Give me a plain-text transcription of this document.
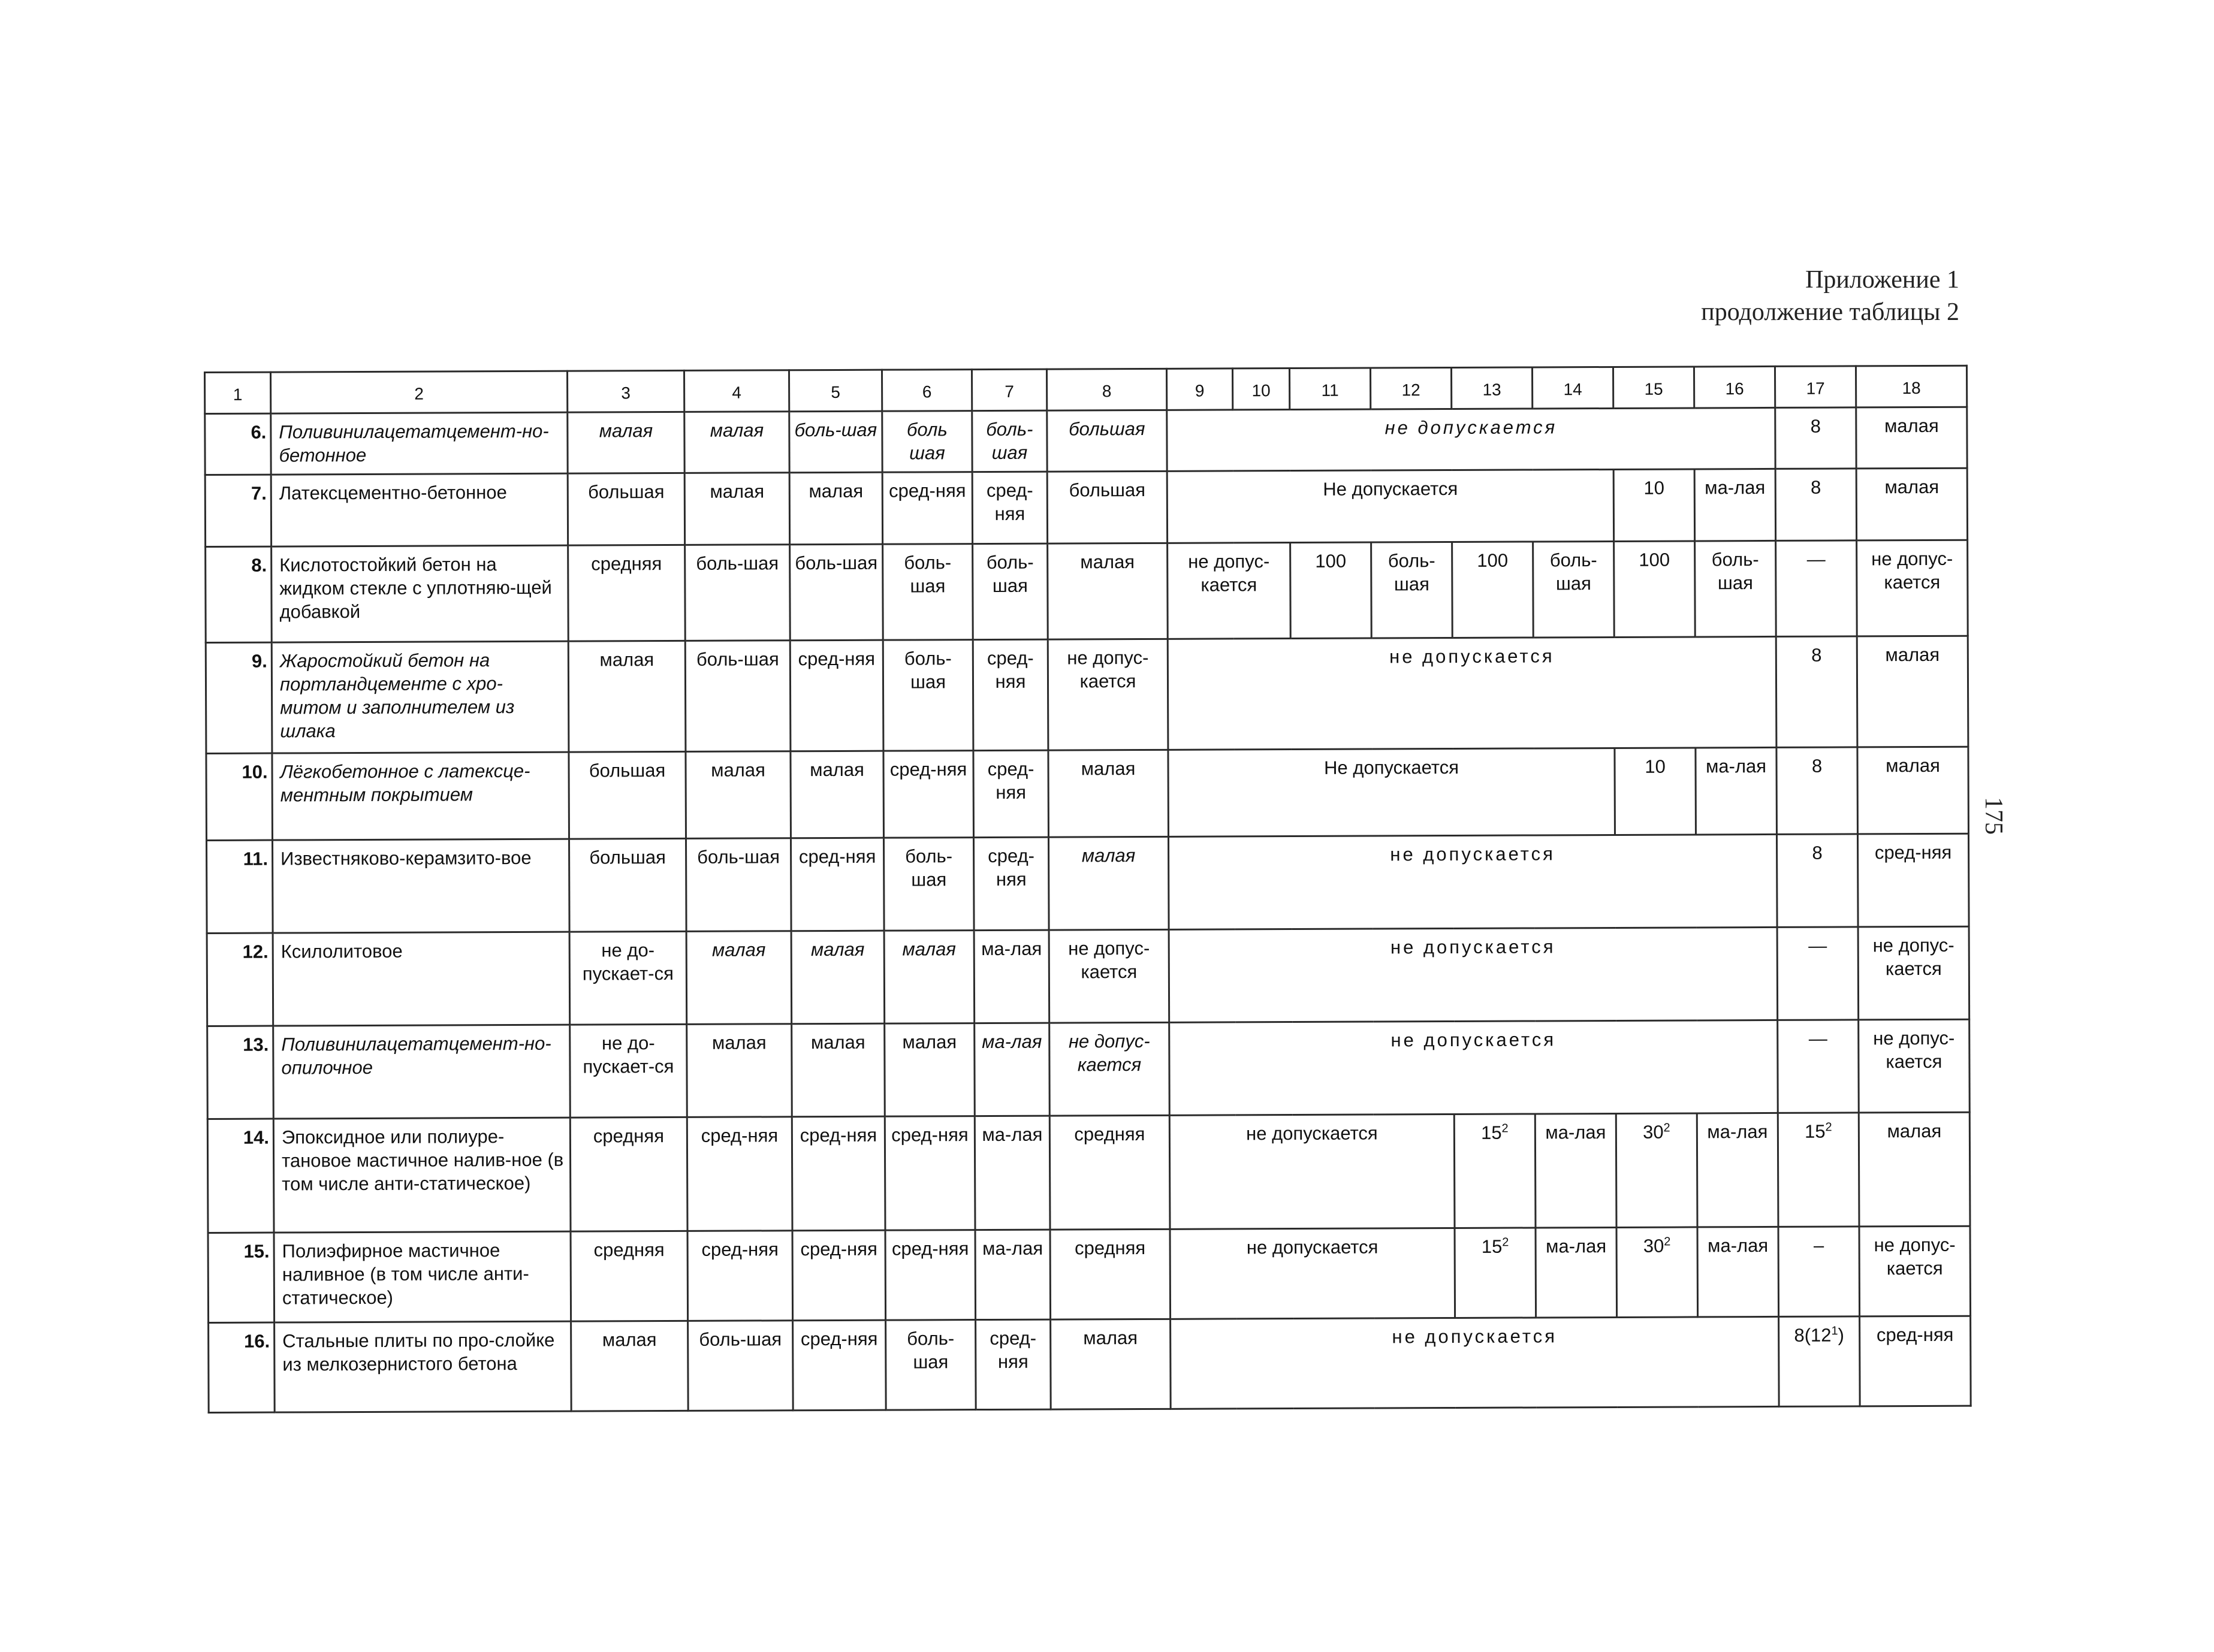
Приложение 1
продолжение таблицы 2
175
1	2	3	4	5	6	7	8	9	10	11	12	13	14	15	16	17	18
6.	Поливинилацетатцемент-но-бетонное	малая	малая	боль-шая	боль шая	боль-шая	большая	не допускается								8	малая
7.	Латексцементно-бетонное	большая	малая	малая	сред-няя	сред-няя	большая	Не допускается						10	ма-лая	8	малая
8.	Кислотостойкий бетон на жидком стекле с уплотняю-щей добавкой	средняя	боль-шая	боль-шая	боль-шая	боль-шая	малая	не допус-кается		100	боль-шая	100	боль-шая	100	боль-шая	—	не допус-кается
9.	Жаростойкий бетон на портландцементе с хро-митом и заполнителем из шлака	малая	боль-шая	сред-няя	боль-шая	сред-няя	не допус-кается	не допускается								8	малая
10.	Лёгкобетонное с латексце-ментным покрытием	большая	малая	малая	сред-няя	сред-няя	малая	Не допускается						10	ма-лая	8	малая
11.	Известняково-керамзито-вое	большая	боль-шая	сред-няя	боль-шая	сред-няя	малая	не допускается								8	сред-няя
12.	Ксилолитовое	не до-пускает-ся	малая	малая	малая	ма-лая	не допус-кается	не допускается								—	не допус-кается
13.	Поливинилацетатцемент-но-опилочное	не до-пускает-ся	малая	малая	малая	ма-лая	не допус-кается	не допускается								—	не допус-кается
14.	Эпоксидное или полиуре-тановое мастичное налив-ное (в том числе анти-статическое)	средняя	сред-няя	сред-няя	сред-няя	ма-лая	средняя	не допускается				$15^2$	ма-лая	$30^2$	ма-лая	$15^2$	малая
15.	Полиэфирное мастичное наливное (в том числе анти-статическое)	средняя	сред-няя	сред-няя	сред-няя	ма-лая	средняя	не допускается				$15^2$	ма-лая	$30^2$	ма-лая	–	не допус-кается
16.	Стальные плиты по про-слойке из мелкозернистого бетона	малая	боль-шая	сред-няя	боль-шая	сред-няя	малая	не допускается								$8(12^1)$	сред-няя
